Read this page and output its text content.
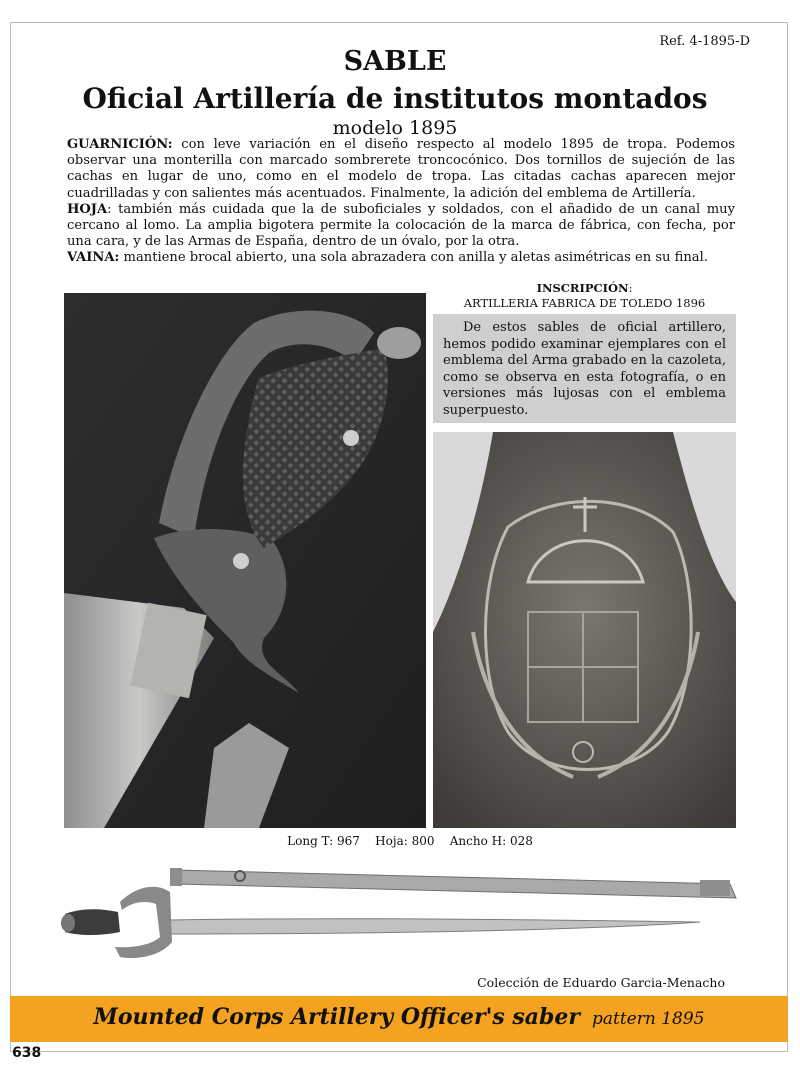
Ref. 4-1895-D
SABLE
Oficial Artillería de institutos montados
modelo 1895

GUARNICIÓN: con leve variación en el diseño respecto al modelo 1895 de tropa. Podemos observar una monterilla con marcado sombrerete troncocónico. Dos tornillos de sujeción de las cachas en lugar de uno, como en el modelo de tropa. Las citadas cachas aparecen mejor cuadrilladas y con salientes más acentuados. Finalmente, la adición del emblema de Artillería.

HOJA: también más cuidada que la de suboficiales y soldados, con el añadido de un canal muy cercano al lomo. La amplia bigotera permite la colocación de la marca de fábrica, con fecha, por una cara, y de las Armas de España, dentro de un óvalo, por la otra.

VAINA: mantiene brocal abierto, una sola abrazadera con anilla y aletas asimétricas en su final.

INSCRIPCIÓN:
ARTILLERIA FABRICA DE TOLEDO 1896
De estos sables de oficial artillero, hemos podido examinar ejemplares con el emblema del Arma grabado en la cazoleta, como se observa en esta fotografía, o en versiones más lujosas con el emblema superpuesto.
Long T: 967    Hoja: 800    Ancho H: 028
Colección de Eduardo Garcia-Menacho
Mounted Corps Artillery Officer's saber pattern 1895
638
